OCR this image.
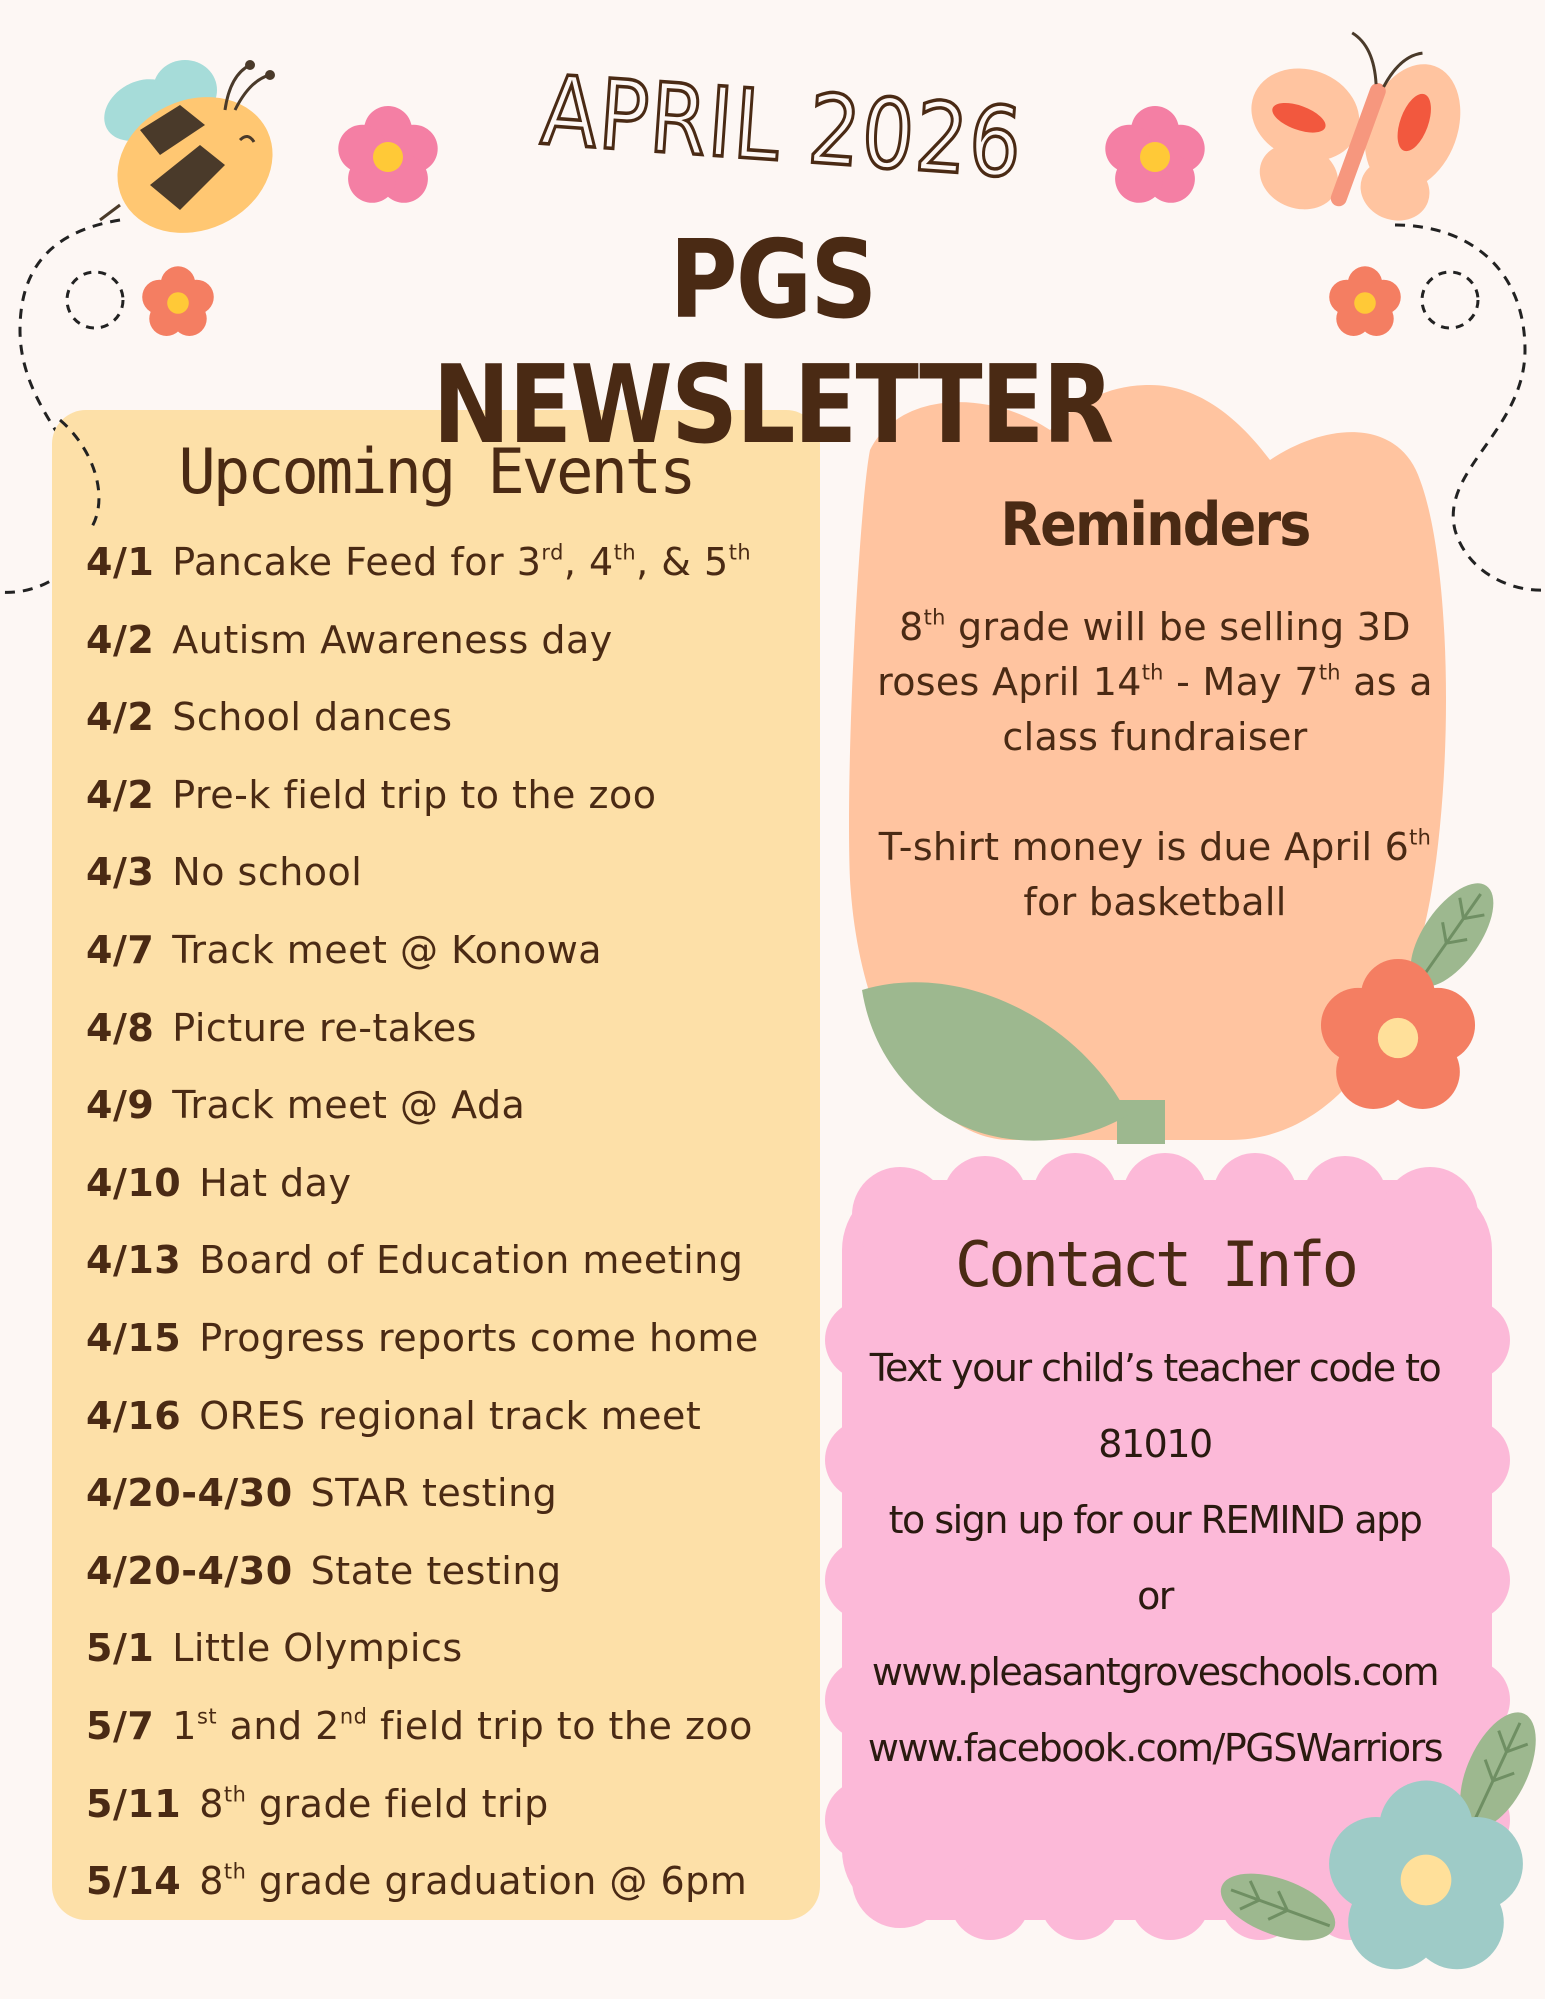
APRIL 2026
PGS NEWSLETTER
Upcoming Events
4/1 Pancake Feed for 3rd, 4th, & 5th
4/2 Autism Awareness day
4/2 School dances
4/2 Pre-k field trip to the zoo
4/3 No school
4/7 Track meet @ Konowa
4/8 Picture re-takes
4/9 Track meet @ Ada
4/10 Hat day
4/13 Board of Education meeting
4/15 Progress reports come home
4/16 ORES regional track meet
4/20-4/30 STAR testing
4/20-4/30 State testing
5/1 Little Olympics
5/7 1st and 2nd field trip to the zoo
5/11 8th grade field trip
5/14 8th grade graduation @ 6pm
Reminders

8th grade will be selling 3D roses April 14th - May 7th as a class fundraiser

T-shirt money is due April 6th for basketball

Contact Info
Text your child’s teacher code to
81010
to sign up for our REMIND app
or
www.pleasantgroveschools.com
www.facebook.com/PGSWarriors
